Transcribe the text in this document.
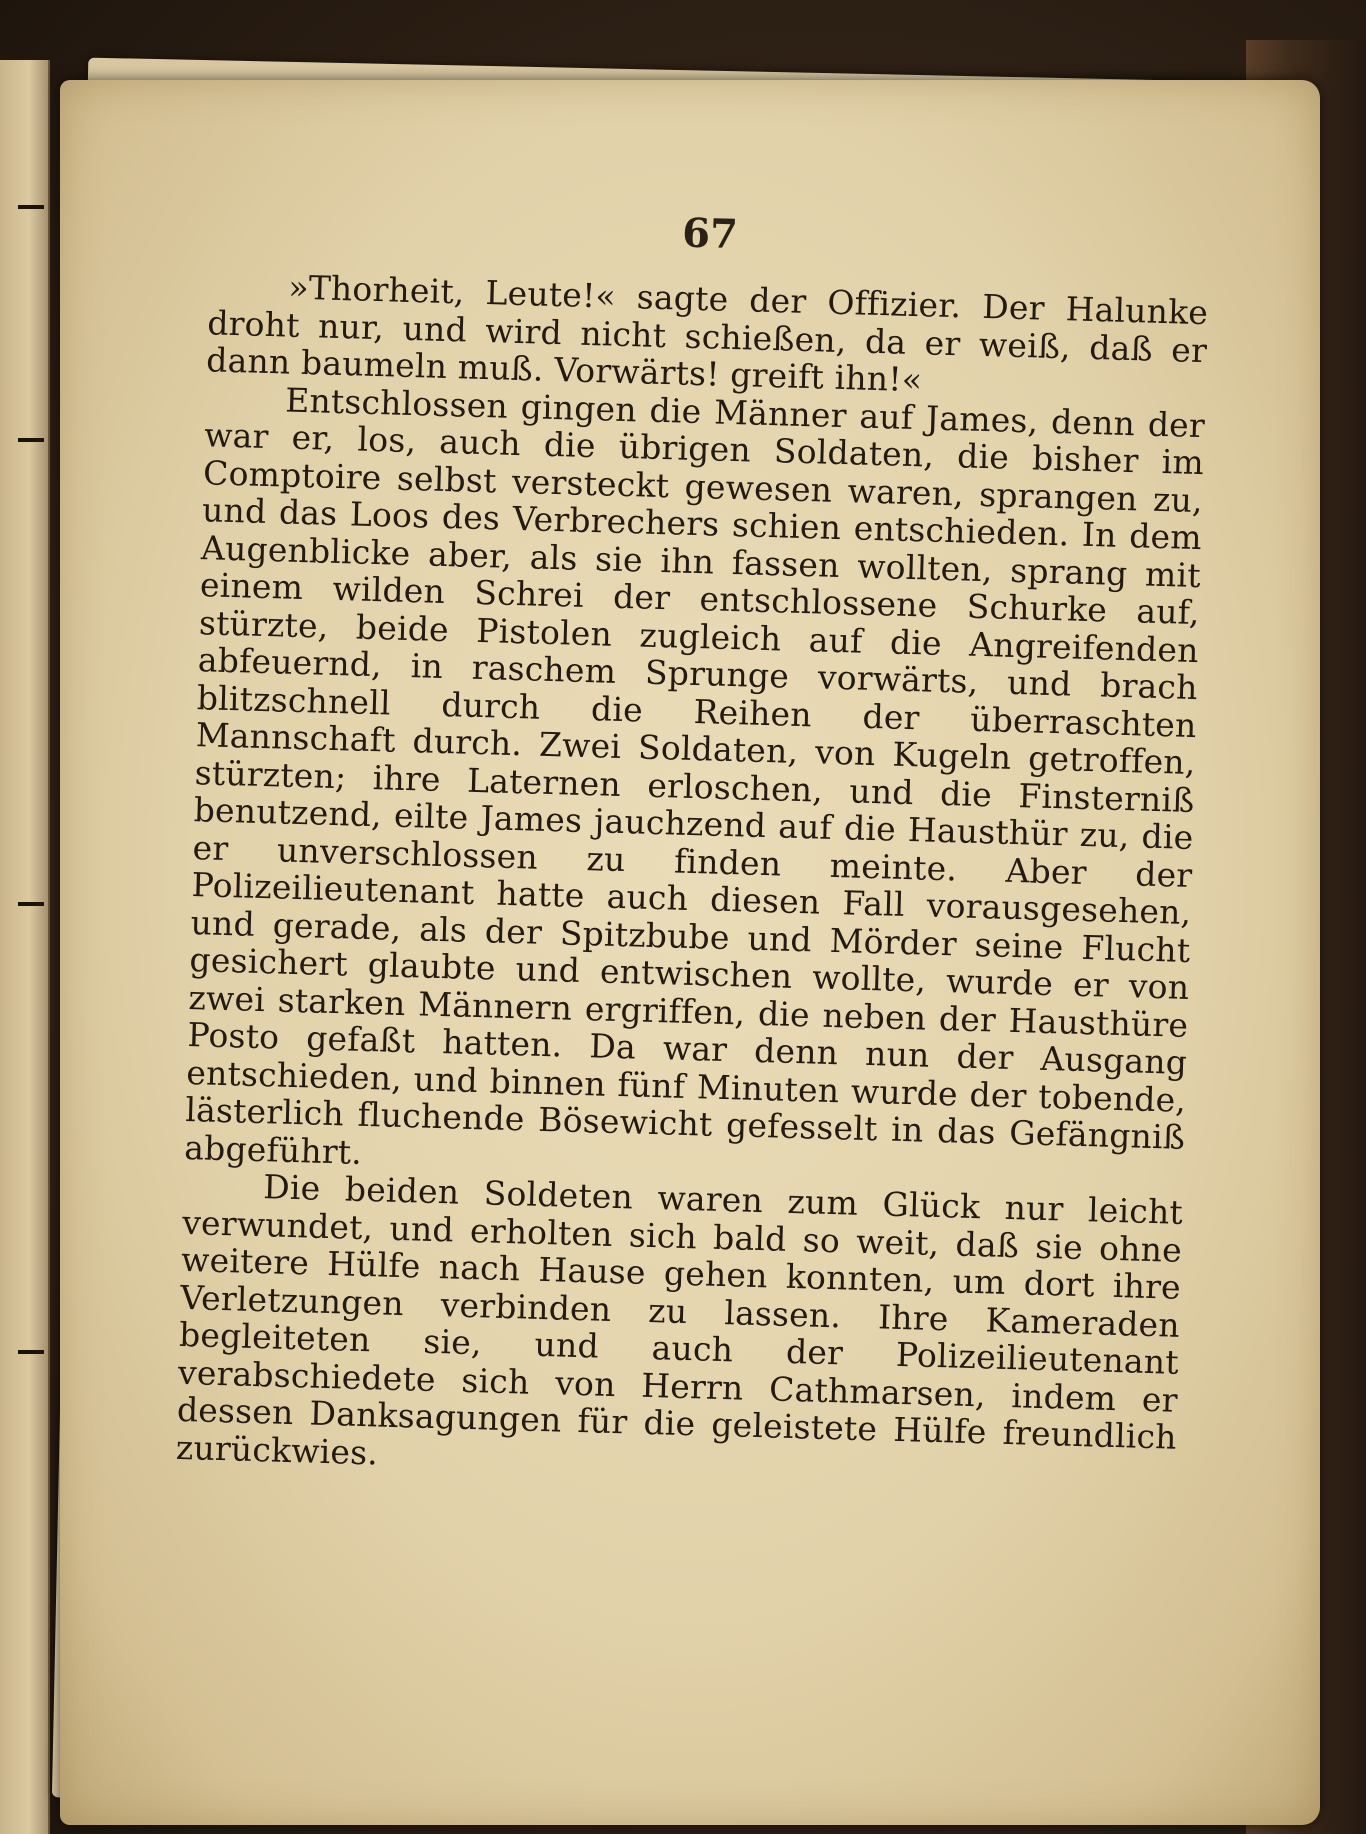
67

»Thorheit, Leute!« sagte der Offizier. Der Halunke droht nur, und wird nicht schießen, da er weiß, daß er dann baumeln muß. Vorwärts! greift ihn!«

Entschlossen gingen die Männer auf James, denn der war er, los, auch die übrigen Soldaten, die bisher im Comptoire selbst versteckt gewesen waren, sprangen zu, und das Loos des Verbrechers schien entschieden. In dem Augenblicke aber, als sie ihn fassen wollten, sprang mit einem wilden Schrei der entschlossene Schurke auf, stürzte, beide Pistolen zugleich auf die Angreifenden abfeuernd, in raschem Sprunge vorwärts, und brach blitzschnell durch die Reihen der überraschten Mannschaft durch. Zwei Soldaten, von Kugeln getroffen, stürzten; ihre Laternen erloschen, und die Finsterniß benutzend, eilte James jauchzend auf die Hausthür zu, die er unverschlossen zu finden meinte. Aber der Polizeilieutenant hatte auch diesen Fall vorausgesehen, und gerade, als der Spitzbube und Mörder seine Flucht gesichert glaubte und entwischen wollte, wurde er von zwei starken Männern ergriffen, die neben der Hausthüre Posto gefaßt hatten. Da war denn nun der Ausgang entschieden, und binnen fünf Minuten wurde der tobende, lästerlich fluchende Bösewicht gefesselt in das Gefängniß abgeführt.

Die beiden Soldeten waren zum Glück nur leicht verwundet, und erholten sich bald so weit, daß sie ohne weitere Hülfe nach Hause gehen konnten, um dort ihre Verletzungen verbinden zu lassen. Ihre Kameraden begleiteten sie, und auch der Polizeilieutenant verabschiedete sich von Herrn Cathmarsen, indem er dessen Danksagungen für die geleistete Hülfe freundlich zurückwies.
